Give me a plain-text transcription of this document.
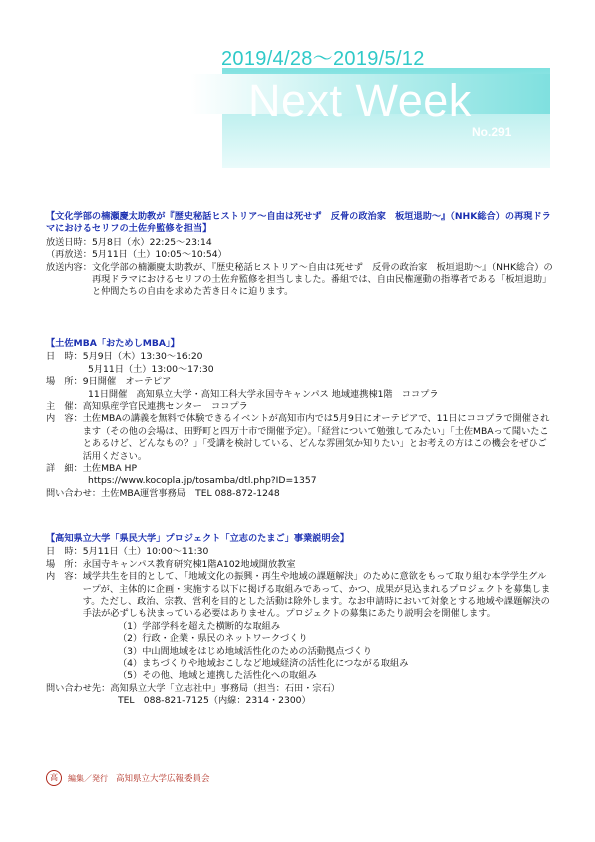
2019/4/28～2019/5/12
Next Week
No.291
【文化学部の楠瀬慶太助教が『歴史秘話ヒストリア～自由は死せず　反骨の政治家　板垣退助～』（NHK総合）の再現ドラマにおけるセリフの土佐弁監修を担当】
放送日時： 5月8日（水）22:25～23:14
（再放送： 5月11日（土）10:05～10:54）
放送内容： 文化学部の楠瀬慶太助教が、『歴史秘話ヒストリア～自由は死せず　反骨の政治家　板垣退助～』（NHK総合）の再現ドラマにおけるセリフの土佐弁監修を担当しました。番組では、自由民権運動の指導者である「板垣退助」と仲間たちの自由を求めた苦き日々に迫ります。
【土佐MBA「おためしMBA」】
日　時： 5月9日（木）13:30～16:20
5月11日（土）13:00～17:30
場　所： 9日開催　オーテピア
11日開催　高知県立大学・高知工科大学永国寺キャンパス 地域連携棟1階　ココプラ
主　催： 高知県産学官民連携センター　ココプラ
内　容： 土佐MBAの講義を無料で体験できるイベントが高知市内では5月9日にオーテピアで、11日にココプラで開催されます（その他の会場は、田野町と四万十市で開催予定）。「経営について勉強してみたい」「土佐MBAって聞いたことあるけど、どんなもの？」「受講を検討している、どんな雰囲気か知りたい」とお考えの方はこの機会をぜひご活用ください。
詳　細： 土佐MBA HP
https://www.kocopla.jp/tosamba/dtl.php?ID=1357
問い合わせ： 土佐MBA運営事務局　TEL 088-872-1248
【高知県立大学「県民大学」プロジェクト「立志のたまご」事業説明会】
日　時： 5月11日（土）10:00～11:30
場　所： 永国寺キャンパス教育研究棟1階A102地域開放教室
内　容： 域学共生を目的として、「地域文化の振興・再生や地域の課題解決」のために意欲をもって取り組む本学学生グループが、主体的に企画・実施する以下に掲げる取組みであって、かつ、成果が見込まれるプロジェクトを募集します。ただし、政治、宗教、営利を目的とした活動は除外します。なお申請時において対象とする地域や課題解決の手法が必ずしも決まっている必要はありません。プロジェクトの募集にあたり説明会を開催します。
（1）学部学科を超えた横断的な取組み
（2）行政・企業・県民のネットワークづくり
（3）中山間地域をはじめ地域活性化のための活動拠点づくり
（4）まちづくりや地域おこしなど地域経済の活性化につながる取組み
（5）その他、地域と連携した活性化への取組み
問い合わせ先： 高知県立大学「立志社中」事務局（担当：石田・宗石）
TEL　088-821-7125（内線：2314・2300）
高	編集／発行 高知県立大学広報委員会
